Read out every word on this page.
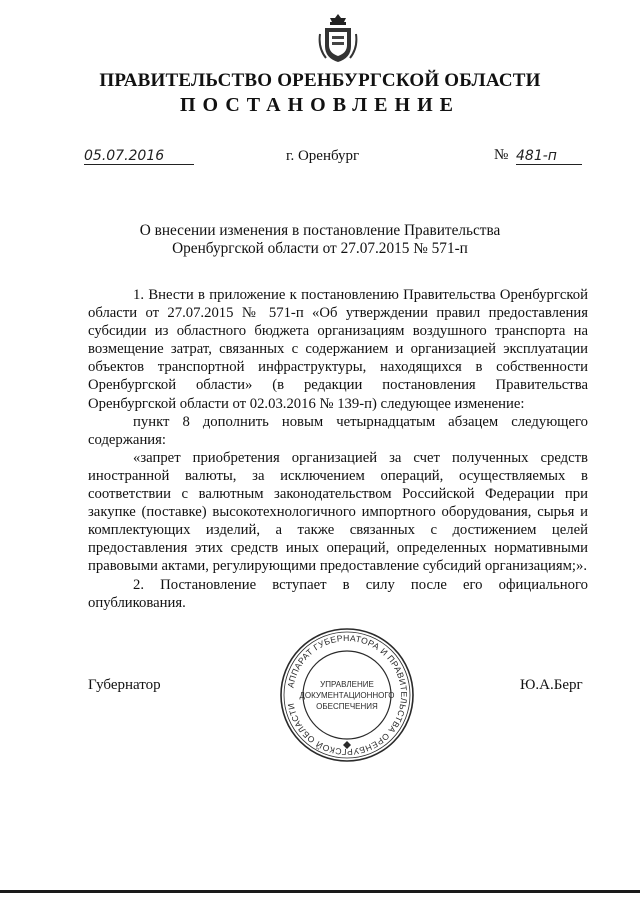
ПРАВИТЕЛЬСТВО ОРЕНБУРГСКОЙ ОБЛАСТИ
ПОСТАНОВЛЕНИЕ
05.07.2016	г. Оренбург	№ 481-п
О внесении изменения в постановление Правительства
Оренбургской области от 27.07.2015 № 571-п

1. Внести в приложение к постановлению Правительства Оренбургской области от 27.07.2015 № 571-п «Об утверждении правил предоставления субсидии из областного бюджета организациям воздушного транспорта на возмещение затрат, связанных с содержанием и организацией эксплуатации объектов транспортной инфраструктуры, находящихся в собственности Оренбургской области» (в редакции постановления Правительства Оренбургской области от 02.03.2016 № 139-п) следующее изменение:

пункт 8 дополнить новым четырнадцатым абзацем следующего содержания:

«запрет приобретения организацией за счет полученных средств иностранной валюты, за исключением операций, осуществляемых в соответствии с валютным законодательством Российской Федерации при закупке (поставке) высокотехнологичного импортного оборудования, сырья и комплектующих изделий, а также связанных с достижением целей предоставления этих средств иных операций, определенных нормативными правовыми актами, регулирующими предоставление субсидий организациям;».

2. Постановление вступает в силу после его официального опубликования.

Губернатор	Ю.А.Берг
АППАРАТ ГУБЕРНАТОРА И ПРАВИТЕЛЬСТВА ОРЕНБУРГСКОЙ ОБЛАСТИ
УПРАВЛЕНИЕ
ДОКУМЕНТАЦИОННОГО
ОБЕСПЕЧЕНИЯ
